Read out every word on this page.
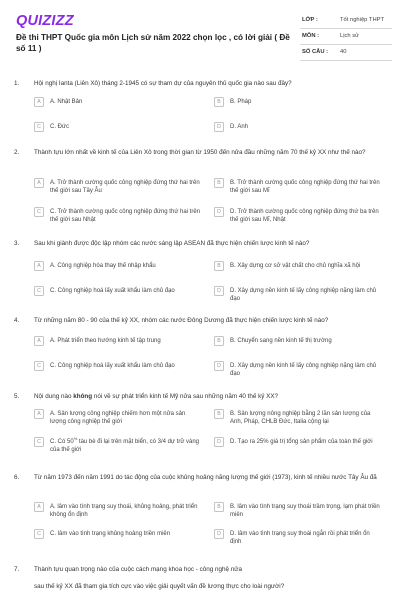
QUIZIZZ
Đề thi THPT Quốc gia môn Lịch sử năm 2022 chọn lọc , có lời giải ( Đề số 11 )
LỚP :	Tốt nghiệp THPT
MÔN :	Lịch sử
SỐ CÂU : 40
1. Hội nghị Ianta (Liên Xô) tháng 2-1945 có sự tham dự của nguyên thủ quốc gia nào sau đây?
A	A. Nhật Bản	B	B. Pháp
C	C. Đức	D	D. Anh
2. Thành tựu lớn nhất về kinh tế của Liên Xô trong thời gian từ 1950 đến nửa đầu những năm 70 thế kỷ XX như thế nào?
A	A. Trở thành cường quốc công nghiệp đứng thứ hai trên thế giới sau Tây Âu
B	B. Trở thành cường quốc công nghiệp đứng thứ hai trên thế giới sau Mĩ
C	C. Trở thành cường quốc công nghiệp đứng thứ hai trên thế giới sau Nhật
D	D. Trở thành cường quốc công nghiệp đứng thứ ba trên thế giới sau Mĩ, Nhật
3. Sau khi giành được độc lập nhóm các nước sáng lập ASEAN đã thực hiện chiến lược kinh tế nào?
A	A. Công nghiệp hóa thay thế nhập khẩu	B	B. Xây dựng cơ sở vật chất cho chủ nghĩa xã hội
C	C. Công nghiệp hoá lấy xuất khẩu làm chủ đạo	D	D. Xây dựng nền kinh tế lấy công nghiệp nặng làm chủ đạo
4. Từ những năm 80 - 90 của thế kỷ XX, nhóm các nước Đông Dương đã thực hiện chiến lược kinh tế nào?
A	A. Phát triển theo hướng kinh tế tập trung	B	B. Chuyển sang nền kinh tế thị trường
C	C. Công nghiệp hoá lấy xuất khẩu làm chủ đạo	D	D. Xây dựng nền kinh tế lấy công nghiệp nặng làm chủ đạo
5. Nội dung nào không nói về sự phát triển kinh tế Mỹ nửa sau những năm 40 thế kỷ XX?
A	A. Sản lượng công nghiệp chiếm hơn một nửa sản lượng công nghiệp thế giới
B	B. Sản lượng nông nghiệp bằng 2 lần sản lượng của Anh, Pháp, CHLB Đức, Italia cộng lại
C	C. Có 50% tàu bè đi lại trên mặt biển, có 3/4 dự trữ vàng của thế giới
D	D. Tạo ra 25% giá trị tổng sản phẩm của toàn thế giới
6. Từ năm 1973 đến năm 1991 do tác động của cuộc khủng hoảng năng lượng thế giới (1973), kinh tế nhiều nước Tây Âu đã
A	A. lâm vào tình trạng suy thoái, khủng hoảng, phát triển không ổn định
B	B. lâm vào tình trạng suy thoái trầm trọng, lạm phát triền miên
C	C. lâm vào tình trạng khủng hoảng triền miên	D	D. lâm vào tình trạng suy thoái ngắn rồi phát triển ổn định
7. Thành tựu quan trọng nào của cuộc cách mạng khoa học - công nghệ nửa
sau thế kỷ XX đã tham gia tích cực vào việc giải quyết vấn đề lương thực cho loài người?
